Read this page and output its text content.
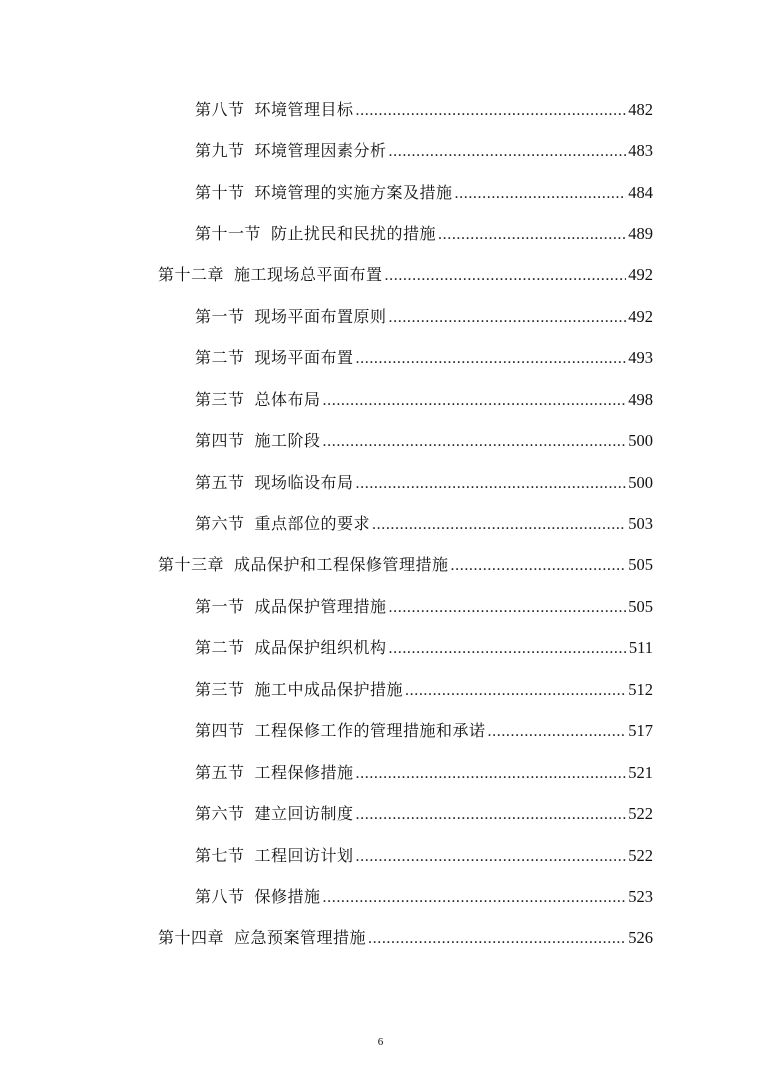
第八节 环境管理目标 .....	482
第九节 环境管理因素分析 .....	483
第十节 环境管理的实施方案及措施 .....	484
第十一节 防止扰民和民扰的措施 .....	489
第十二章 施工现场总平面布置 .....	492
第一节 现场平面布置原则 .....	492
第二节 现场平面布置 .....	493
第三节 总体布局 .....	498
第四节 施工阶段 .....	500
第五节 现场临设布局 .....	500
第六节 重点部位的要求 .....	503
第十三章 成品保护和工程保修管理措施 .....	505
第一节 成品保护管理措施 .....	505
第二节 成品保护组织机构 .....	511
第三节 施工中成品保护措施 .....	512
第四节 工程保修工作的管理措施和承诺 .....	517
第五节 工程保修措施 .....	521
第六节 建立回访制度 .....	522
第七节 工程回访计划 .....	522
第八节 保修措施 .....	523
第十四章 应急预案管理措施 .....	526
6
